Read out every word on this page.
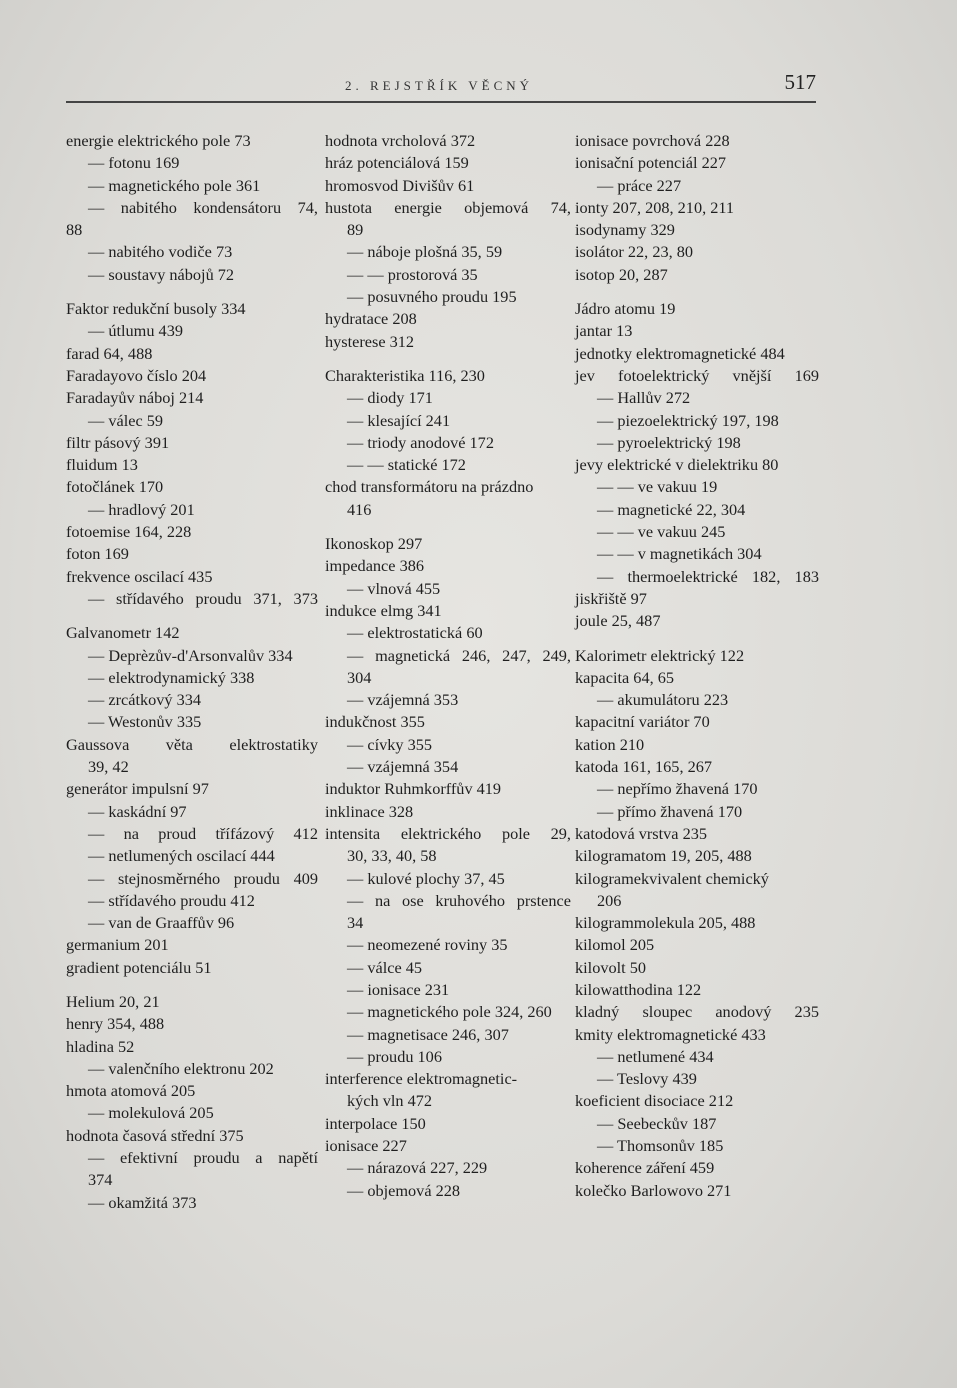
2. REJSTŘÍK VĚCNÝ	517
energie elektrického pole 73
— fotonu 169
— magnetického pole 361
— nabitého kondensátoru 74,
88
— nabitého vodiče 73
— soustavy nábojů 72
Faktor redukční busoly 334
— útlumu 439
farad 64, 488
Faradayovo číslo 204
Faradayův náboj 214
— válec 59
filtr pásový 391
fluidum 13
fotočlánek 170
— hradlový 201
fotoemise 164, 228
foton 169
frekvence oscilací 435
— střídavého proudu 371, 373
Galvanometr 142
— Deprèzův-d'Arsonvalův 334
— elektrodynamický 338
— zrcátkový 334
— Westonův 335
Gaussova věta elektrostatiky
39, 42
generátor impulsní 97
— kaskádní 97
— na proud třífázový 412
— netlumených oscilací 444
— stejnosměrného proudu 409
— střídavého proudu 412
— van de Graaffův 96
germanium 201
gradient potenciálu 51
Helium 20, 21
henry 354, 488
hladina 52
— valenčního elektronu 202
hmota atomová 205
— molekulová 205
hodnota časová střední 375
— efektivní proudu a napětí
374
— okamžitá 373
hodnota vrcholová 372
hráz potenciálová 159
hromosvod Divišův 61
hustota energie objemová 74,
89
— náboje plošná 35, 59
— — prostorová 35
— posuvného proudu 195
hydratace 208
hysterese 312
Charakteristika 116, 230
— diody 171
— klesající 241
— triody anodové 172
— — statické 172
chod transformátoru na prázdno
416
Ikonoskop 297
impedance 386
— vlnová 455
indukce elmg 341
— elektrostatická 60
— magnetická 246, 247, 249,
304
— vzájemná 353
indukčnost 355
— cívky 355
— vzájemná 354
induktor Ruhmkorffův 419
inklinace 328
intensita elektrického pole 29,
30, 33, 40, 58
— kulové plochy 37, 45
— na ose kruhového prstence
34
— neomezené roviny 35
— válce 45
— ionisace 231
— magnetického pole 324, 260
— magnetisace 246, 307
— proudu 106
interference elektromagnetic-
kých vln 472
interpolace 150
ionisace 227
— nárazová 227, 229
— objemová 228
ionisace povrchová 228
ionisační potenciál 227
— práce 227
ionty 207, 208, 210, 211
isodynamy 329
isolátor 22, 23, 80
isotop 20, 287
Jádro atomu 19
jantar 13
jednotky elektromagnetické 484
jev fotoelektrický vnější 169
— Hallův 272
— piezoelektrický 197, 198
— pyroelektrický 198
jevy elektrické v dielektriku 80
— — ve vakuu 19
— magnetické 22, 304
— — ve vakuu 245
— — v magnetikách 304
— thermoelektrické 182, 183
jiskřiště 97
joule 25, 487
Kalorimetr elektrický 122
kapacita 64, 65
— akumulátoru 223
kapacitní variátor 70
kation 210
katoda 161, 165, 267
— nepřímo žhavená 170
— přímo žhavená 170
katodová vrstva 235
kilogramatom 19, 205, 488
kilogramekvivalent chemický
206
kilogrammolekula 205, 488
kilomol 205
kilovolt 50
kilowatthodina 122
kladný sloupec anodový 235
kmity elektromagnetické 433
— netlumené 434
— Teslovy 439
koeficient disociace 212
— Seebeckův 187
— Thomsonův 185
koherence záření 459
kolečko Barlowovo 271
